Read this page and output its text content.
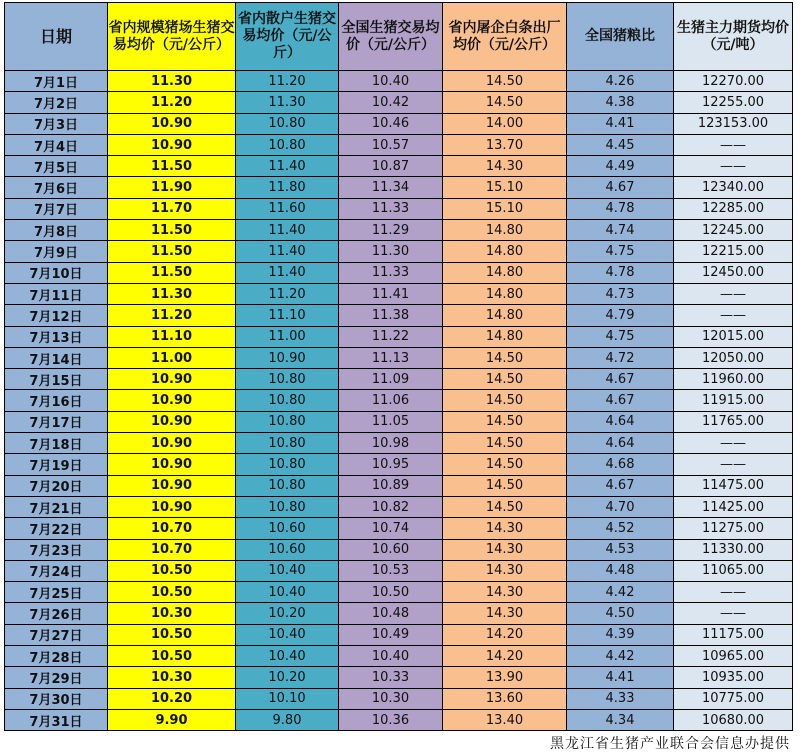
日期	省内规模猪场生猪交易均价（元/公斤）	省内散户生猪交易均价（元/公斤）	全国生猪交易均价（元/公斤）	省内屠企白条出厂均价（元/公斤）	全国猪粮比	生猪主力期货均价（元/吨）
7月1日	11.30	11.20	10.40	14.50	4.26	12270.00
7月2日	11.20	11.30	10.42	14.50	4.38	12255.00
7月3日	10.90	10.80	10.46	14.00	4.41	123153.00
7月4日	10.90	10.80	10.57	13.70	4.45	——
7月5日	11.50	11.40	10.87	14.30	4.49	——
7月6日	11.90	11.80	11.34	15.10	4.67	12340.00
7月7日	11.70	11.60	11.33	15.10	4.78	12285.00
7月8日	11.50	11.40	11.29	14.80	4.74	12245.00
7月9日	11.50	11.40	11.30	14.80	4.75	12215.00
7月10日	11.50	11.40	11.33	14.80	4.78	12450.00
7月11日	11.30	11.20	11.41	14.80	4.73	——
7月12日	11.20	11.10	11.38	14.80	4.79	——
7月13日	11.10	11.00	11.22	14.80	4.75	12015.00
7月14日	11.00	10.90	11.13	14.50	4.72	12050.00
7月15日	10.90	10.80	11.09	14.50	4.67	11960.00
7月16日	10.90	10.80	11.06	14.50	4.67	11915.00
7月17日	10.90	10.80	11.05	14.50	4.64	11765.00
7月18日	10.90	10.80	10.98	14.50	4.64	——
7月19日	10.90	10.80	10.95	14.50	4.68	——
7月20日	10.90	10.80	10.89	14.50	4.67	11475.00
7月21日	10.90	10.80	10.82	14.50	4.70	11425.00
7月22日	10.70	10.60	10.74	14.30	4.52	11275.00
7月23日	10.70	10.60	10.60	14.30	4.53	11330.00
7月24日	10.50	10.40	10.53	14.30	4.48	11065.00
7月25日	10.50	10.40	10.50	14.30	4.42	——
7月26日	10.30	10.20	10.48	14.30	4.50	——
7月27日	10.50	10.40	10.49	14.20	4.39	11175.00
7月28日	10.50	10.40	10.40	14.20	4.42	10965.00
7月29日	10.30	10.20	10.33	13.90	4.41	10935.00
7月30日	10.20	10.10	10.30	13.60	4.33	10775.00
7月31日	9.90	9.80	10.36	13.40	4.34	10680.00
黑龙江省生猪产业联合会信息办提供
